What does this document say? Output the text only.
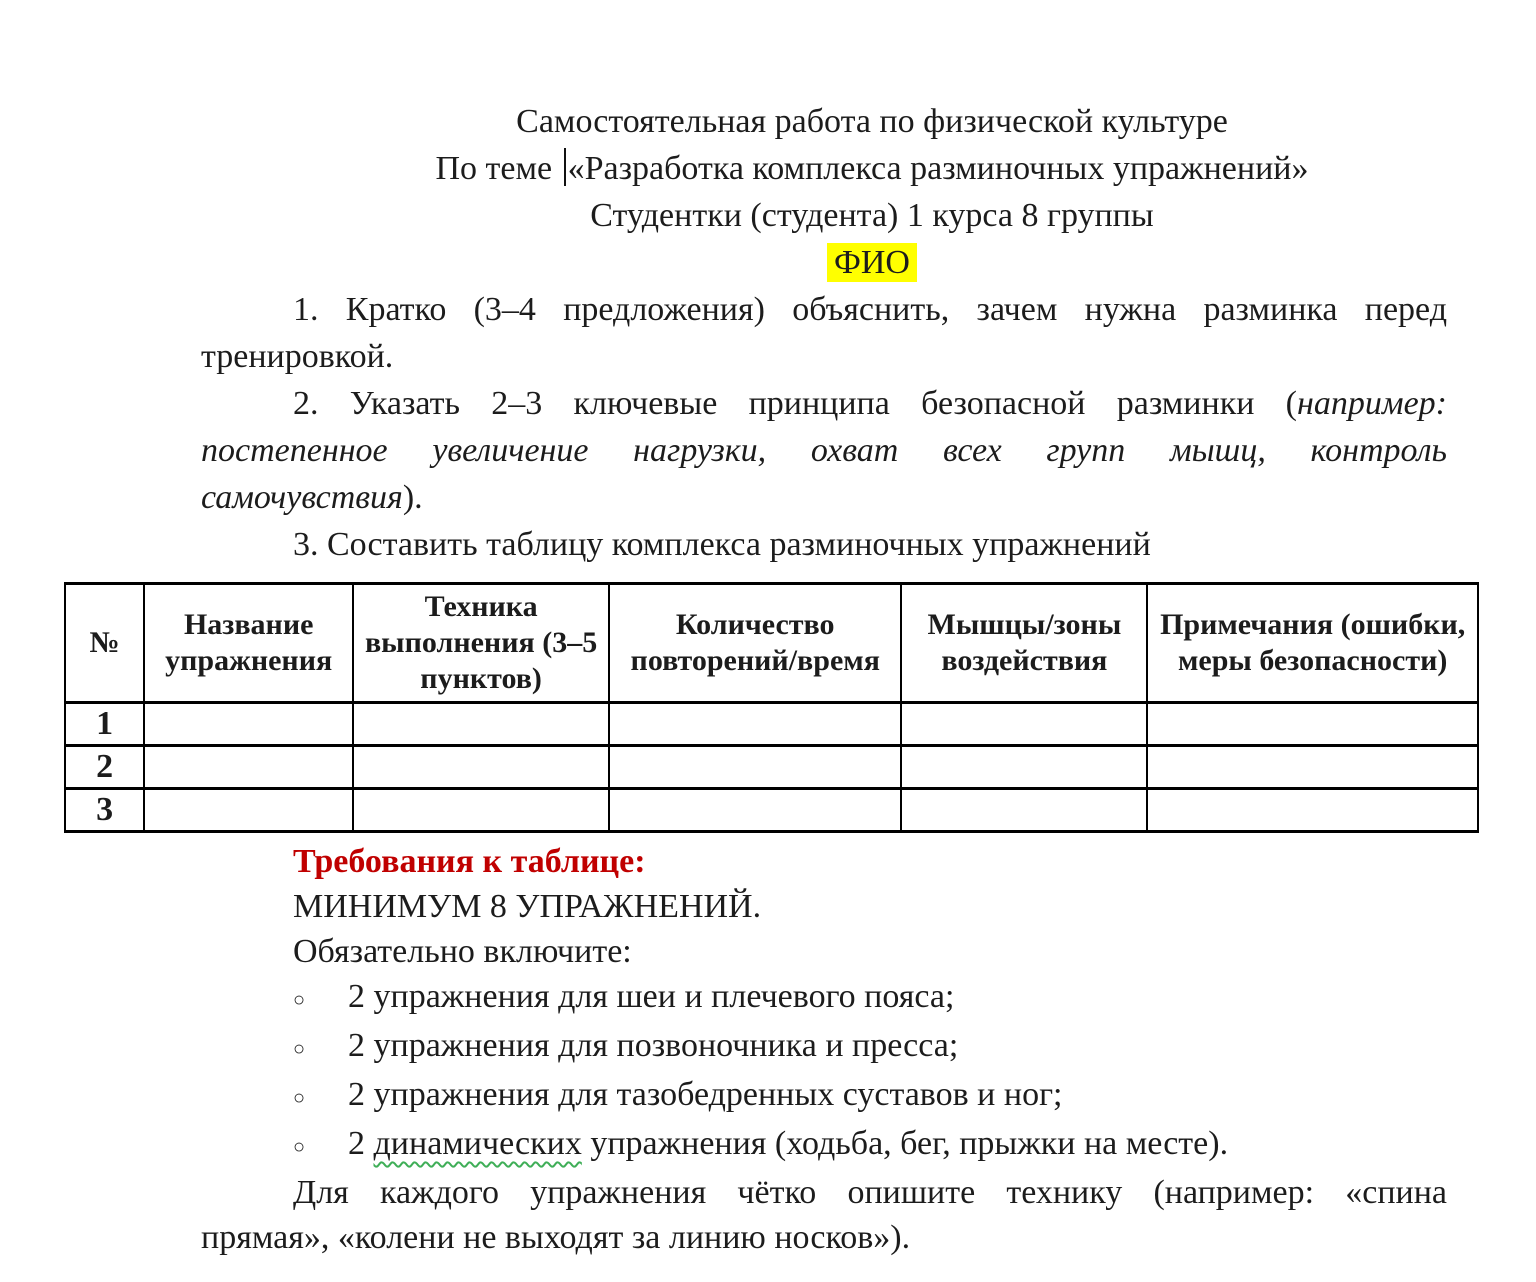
Самостоятельная работа по физической культуре
По теме «Разработка комплекса разминочных упражнений»
Студентки (студента) 1 курса 8 группы
ФИО
1. Кратко (3–4 предложения) объяснить, зачем нужна разминка перед
тренировкой.
2. Указать 2–3 ключевые принципа безопасной разминки (например:
постепенное увеличение нагрузки, охват всех групп мышц, контроль
самочувствия).
3. Составить таблицу комплекса разминочных упражнений
№	Название упражнения	Техника выполнения (3–5 пунктов)	Количество повторений/время	Мышцы/зоны воздействия	Примечания (ошибки, меры безопасности)
1					
2					
3					
Требования к таблице:
МИНИМУМ 8 УПРАЖНЕНИЙ.
Обязательно включите:
○ 2 упражнения для шеи и плечевого пояса;
○ 2 упражнения для позвоночника и пресса;
○ 2 упражнения для тазобедренных суставов и ног;
○ 2 динамических упражнения (ходьба, бег, прыжки на месте).
Для каждого упражнения чётко опишите технику (например: «спина
прямая», «колени не выходят за линию носков»).
